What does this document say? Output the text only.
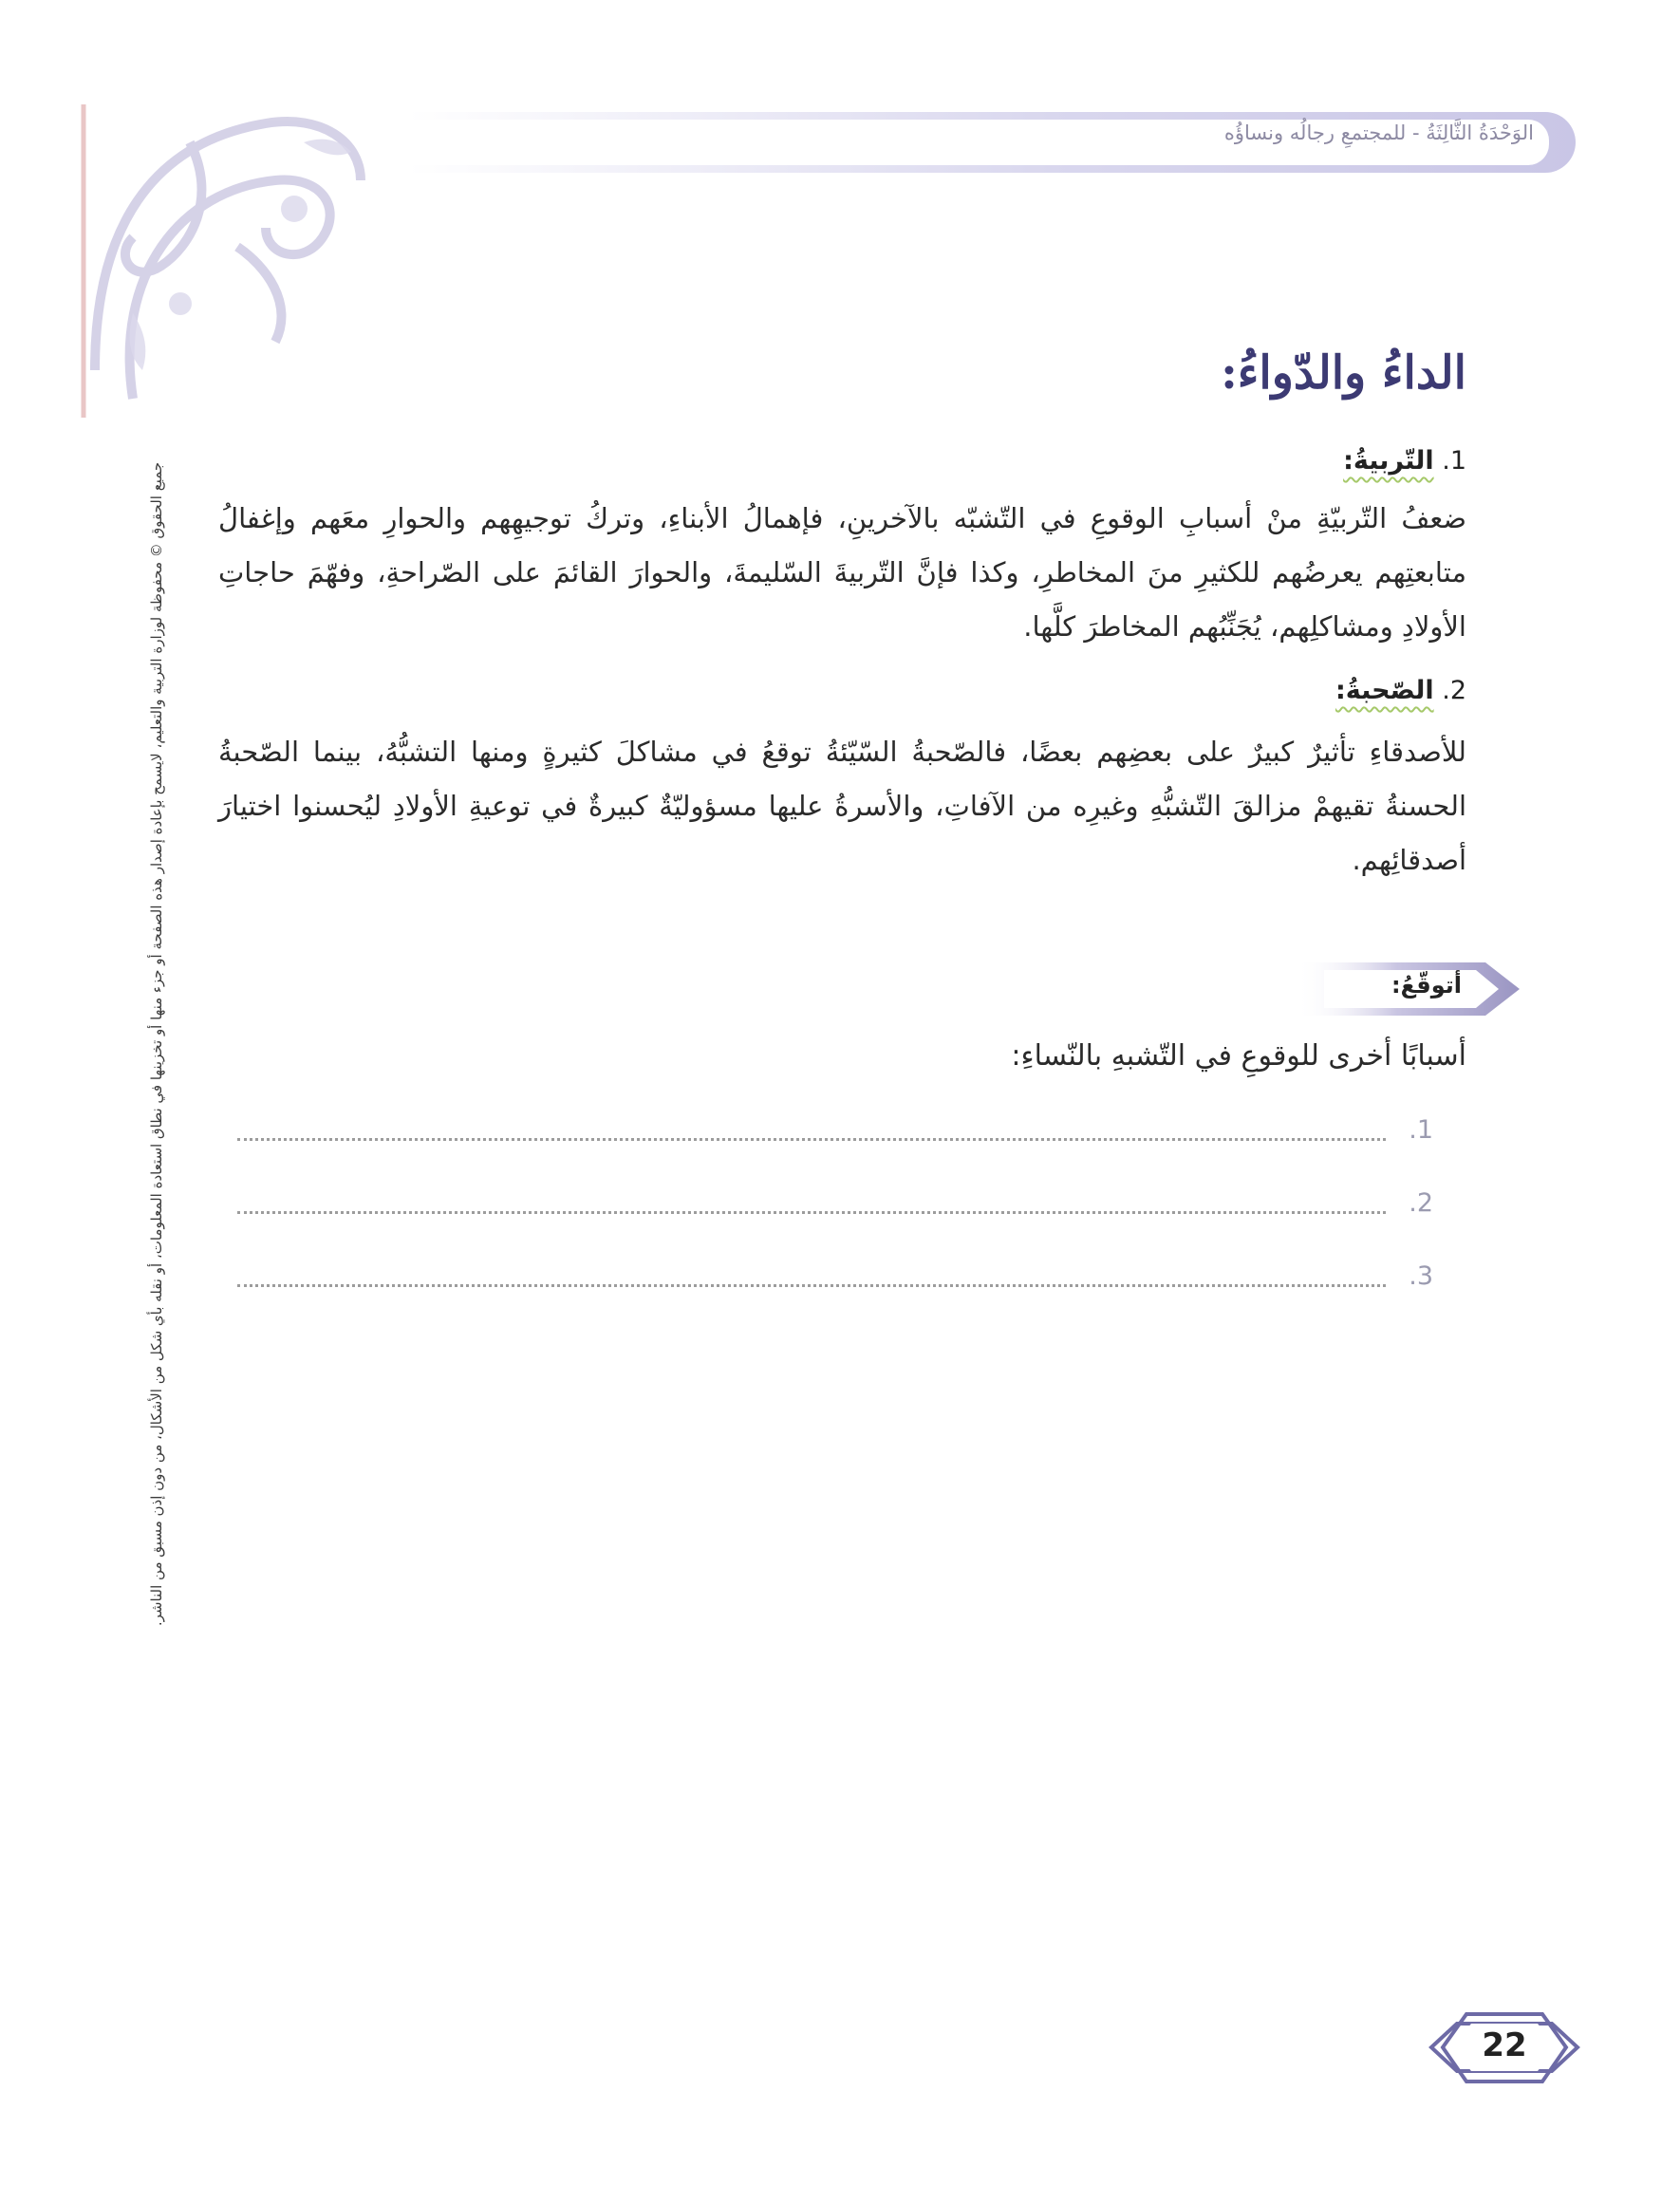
الوَحْدَةُ الثَّالِثَةُ - للمجتمعِ رجالُه ونساؤُه
جميع الحقوق © محفوظة لوزارة التربية والتعليم، لايسمح بإعادة إصدار هذه الصفحة أو جزء منها أو تخزينها في نطاق استعادة المعلومات، أو نقله بأي شكل من الأشكال، من دون إذن مسبق من الناشر.
الداءُ والدّواءُ:
1. التّربيةُ:

ضعفُ التّربيّةِ منْ أسبابِ الوقوعِ في التّشبّه بالآخرينِ، فإهمالُ الأبناءِ، وتركُ توجيهِهم والحوارِ معَهم وإغفالُ متابعتِهم يعرضُهم للكثيرِ منَ المخاطرِ، وكذا فإنَّ التّربيةَ السّليمةَ، والحوارَ القائمَ على الصّراحةِ، وفهّمَ حاجاتِ الأولادِ ومشاكلِهم، يُجَنِّبُهم المخاطرَ كلَّها.

2. الصّحبةُ:

للأصدقاءِ تأثيرٌ كبيرٌ على بعضِهم بعضًا، فالصّحبةُ السّيّئةُ توقعُ في مشاكلَ كثيرةٍ ومنها التشبُّهُ، بينما الصّحبةُ الحسنةُ تقيهمْ مزالقَ التّشبُّهِ وغيرِه من الآفاتِ، والأسرةُ عليها مسؤوليّةٌ كبيرةٌ في توعيةِ الأولادِ ليُحسنوا اختيارَ أصدقائِهم.

أتوقّعُ:
أسبابًا أخرى للوقوعِ في التّشبهِ بالنّساءِ:
1.
2.
3.
22
